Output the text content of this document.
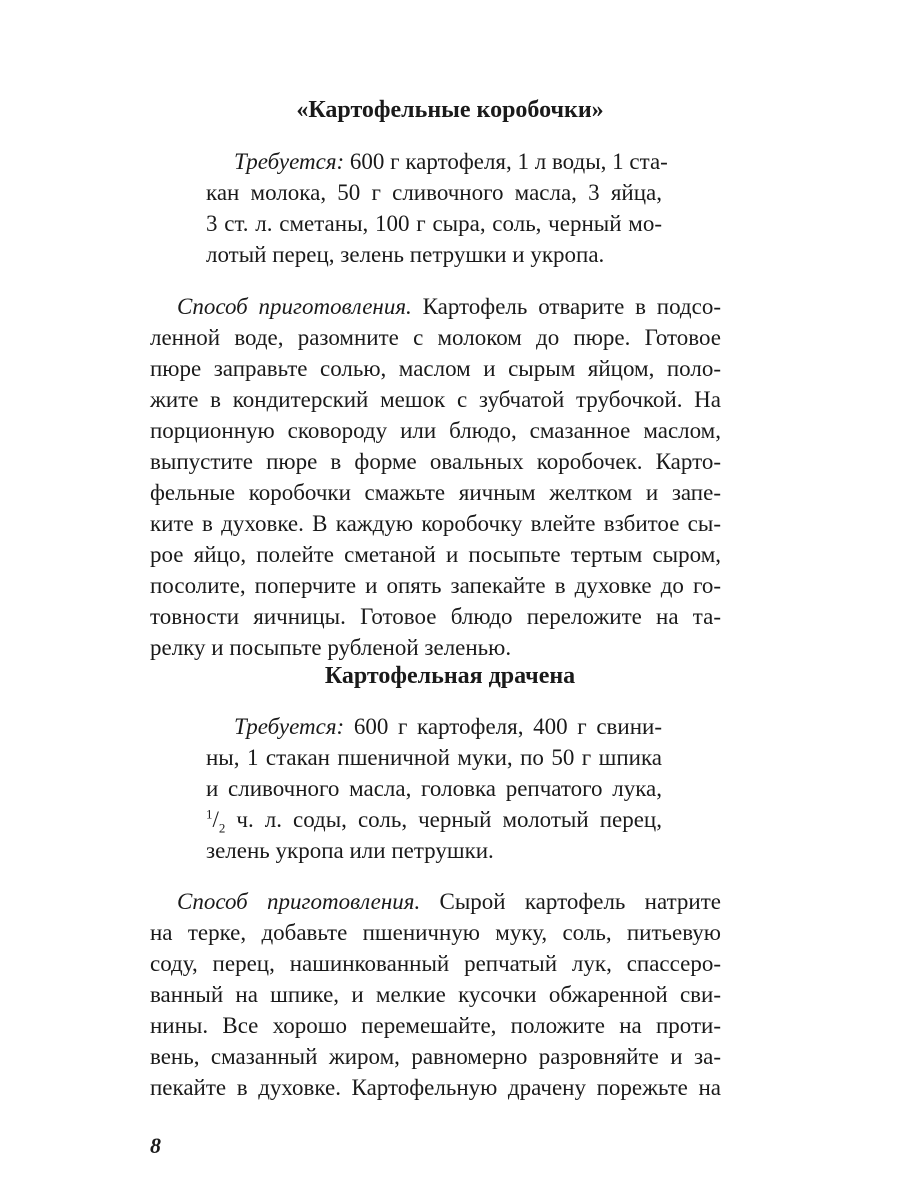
«Картофельные коробочки»

Требуется: 600 г картофеля, 1 л воды, 1 ста-

кан молока, 50 г сливочного масла, 3 яйца,

3 ст. л. сметаны, 100 г сыра, соль, черный мо-

лотый перец, зелень петрушки и укропа.

Способ приготовления. Картофель отварите в подсо-

ленной воде, разомните с молоком до пюре. Готовое

пюре заправьте солью, маслом и сырым яйцом, поло-

жите в кондитерский мешок с зубчатой трубочкой. На

порционную сковороду или блюдо, смазанное маслом,

выпустите пюре в форме овальных коробочек. Карто-

фельные коробочки смажьте яичным желтком и запе-

ките в духовке. В каждую коробочку влейте взбитое сы-

рое яйцо, полейте сметаной и посыпьте тертым сыром,

посолите, поперчите и опять запекайте в духовке до го-

товности яичницы. Готовое блюдо переложите на та-

релку и посыпьте рубленой зеленью.

Картофельная драчена

Требуется: 600 г картофеля, 400 г свини-

ны, 1 стакан пшеничной муки, по 50 г шпика

и сливочного масла, головка репчатого лука,

$^1/_2$ ч. л. соды, соль, черный молотый перец,

зелень укропа или петрушки.

Способ приготовления. Сырой картофель натрите

на терке, добавьте пшеничную муку, соль, питьевую

соду, перец, нашинкованный репчатый лук, спассеро-

ванный на шпике, и мелкие кусочки обжаренной сви-

нины. Все хорошо перемешайте, положите на проти-

вень, смазанный жиром, равномерно разровняйте и за-

пекайте в духовке. Картофельную драчену порежьте на

8
